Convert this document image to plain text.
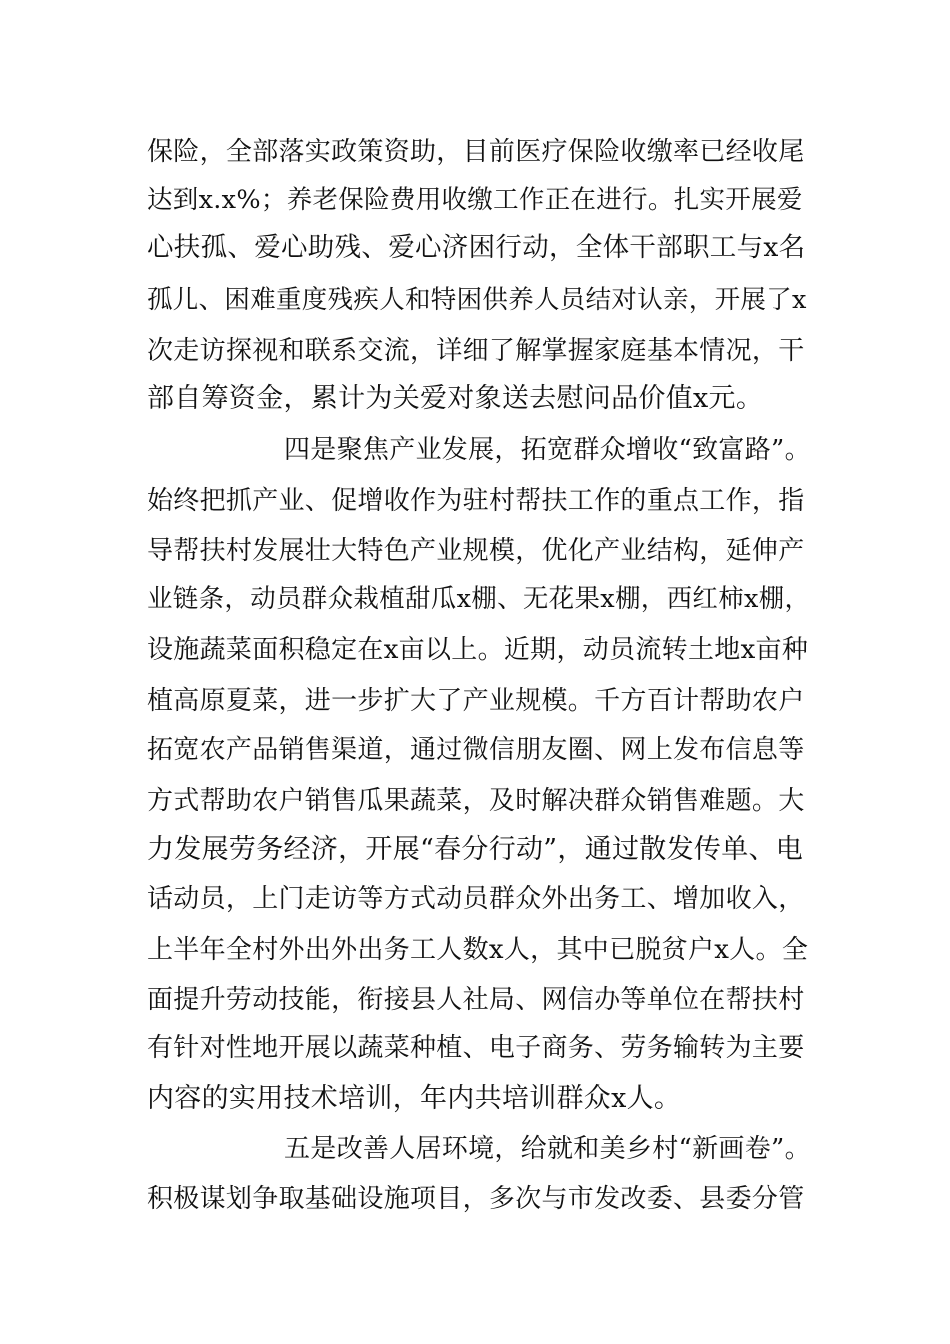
保险，全部落实政策资助，目前医疗保险收缴率已经收尾
达到x.x%；养老保险费用收缴工作正在进行。扎实开展爱
心扶孤、爱心助残、爱心济困行动，全体干部职工与x名
孤儿、困难重度残疾人和特困供养人员结对认亲，开展了x
次走访探视和联系交流，详细了解掌握家庭基本情况，干
部自筹资金，累计为关爱对象送去慰问品价值x元。
四是聚焦产业发展，拓宽群众增收“致富路”。
始终把抓产业、促增收作为驻村帮扶工作的重点工作，指
导帮扶村发展壮大特色产业规模，优化产业结构，延伸产
业链条，动员群众栽植甜瓜x棚、无花果x棚，西红柿x棚，
设施蔬菜面积稳定在x亩以上。近期，动员流转土地x亩种
植高原夏菜，进一步扩大了产业规模。千方百计帮助农户
拓宽农产品销售渠道，通过微信朋友圈、网上发布信息等
方式帮助农户销售瓜果蔬菜，及时解决群众销售难题。大
力发展劳务经济，开展“春分行动”，通过散发传单、电
话动员，上门走访等方式动员群众外出务工、增加收入，
上半年全村外出外出务工人数x人，其中已脱贫户x人。全
面提升劳动技能，衔接县人社局、网信办等单位在帮扶村
有针对性地开展以蔬菜种植、电子商务、劳务输转为主要
内容的实用技术培训，年内共培训群众x人。
五是改善人居环境，给就和美乡村“新画卷”。
积极谋划争取基础设施项目，多次与市发改委、县委分管
